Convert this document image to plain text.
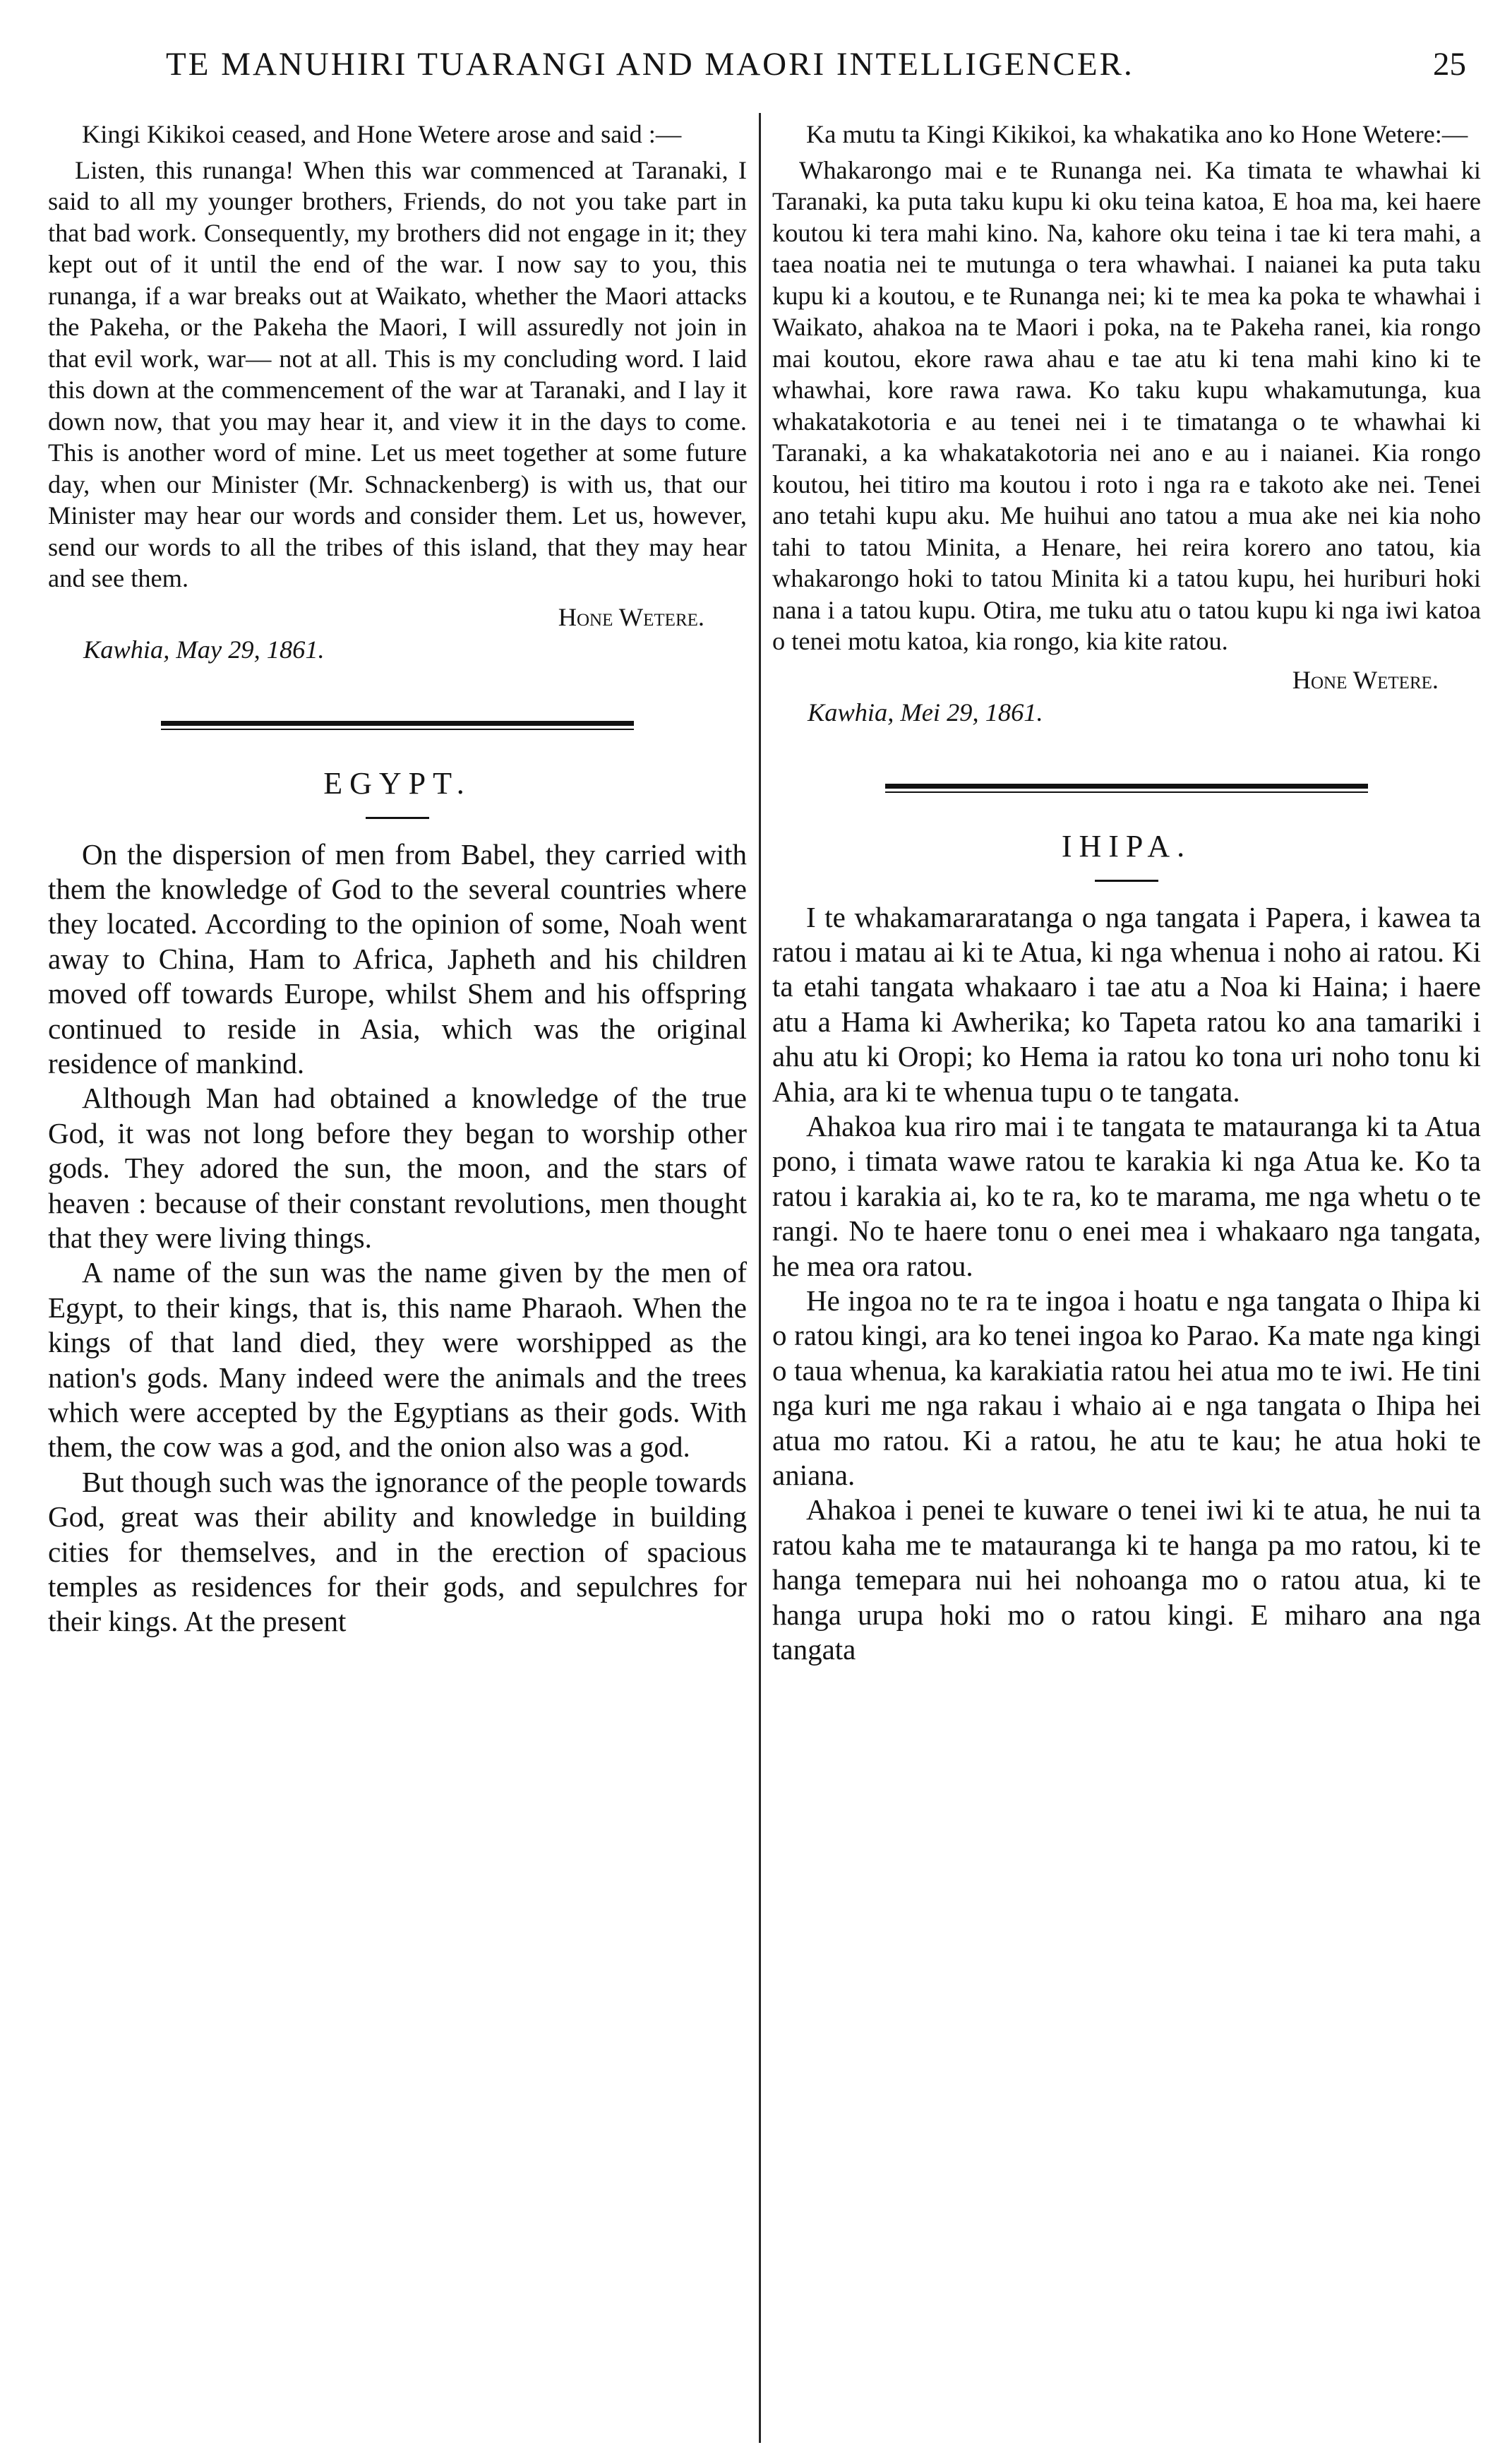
TE MANUHIRI TUARANGI AND MAORI INTELLIGENCER.	25

Kingi Kikikoi ceased, and Hone Wetere arose and said :—

Listen, this runanga! When this war commenced at Taranaki, I said to all my younger brothers, Friends, do not you take part in that bad work. Consequently, my brothers did not engage in it; they kept out of it until the end of the war. I now say to you, this runanga, if a war breaks out at Waikato, whether the Maori attacks the Pakeha, or the Pakeha the Maori, I will assuredly not join in that evil work, war— not at all. This is my concluding word. I laid this down at the commencement of the war at Taranaki, and I lay it down now, that you may hear it, and view it in the days to come. This is another word of mine. Let us meet together at some future day, when our Minister (Mr. Schnackenberg) is with us, that our Minister may hear our words and consider them. Let us, however, send our words to all the tribes of this island, that they may hear and see them.

Hone Wetere.

Kawhia, May 29, 1861.

EGYPT.

On the dispersion of men from Babel, they carried with them the knowledge of God to the several countries where they located. According to the opinion of some, Noah went away to China, Ham to Africa, Japheth and his children moved off towards Europe, whilst Shem and his offspring continued to reside in Asia, which was the original residence of mankind.

Although Man had obtained a knowledge of the true God, it was not long before they began to worship other gods. They adored the sun, the moon, and the stars of heaven : because of their constant revolutions, men thought that they were living things.

A name of the sun was the name given by the men of Egypt, to their kings, that is, this name Pharaoh. When the kings of that land died, they were worshipped as the nation's gods. Many indeed were the animals and the trees which were accepted by the Egyptians as their gods. With them, the cow was a god, and the onion also was a god.

But though such was the ignorance of the people towards God, great was their ability and knowledge in building cities for themselves, and in the erection of spacious temples as residences for their gods, and sepulchres for their kings. At the present

Ka mutu ta Kingi Kikikoi, ka whakatika ano ko Hone Wetere:—

Whakarongo mai e te Runanga nei. Ka timata te whawhai ki Taranaki, ka puta taku kupu ki oku teina katoa, E hoa ma, kei haere koutou ki tera mahi kino. Na, kahore oku teina i tae ki tera mahi, a taea noatia nei te mutunga o tera whawhai. I naianei ka puta taku kupu ki a koutou, e te Runanga nei; ki te mea ka poka te whawhai i Waikato, ahakoa na te Maori i poka, na te Pakeha ranei, kia rongo mai koutou, ekore rawa ahau e tae atu ki tena mahi kino ki te whawhai, kore rawa rawa. Ko taku kupu whakamutunga, kua whakatakotoria e au tenei nei i te timatanga o te whawhai ki Taranaki, a ka whakatakotoria nei ano e au i naianei. Kia rongo koutou, hei titiro ma koutou i roto i nga ra e takoto ake nei. Tenei ano tetahi kupu aku. Me huihui ano tatou a mua ake nei kia noho tahi to tatou Minita, a Henare, hei reira korero ano tatou, kia whakarongo hoki to tatou Minita ki a tatou kupu, hei huriburi hoki nana i a tatou kupu. Otira, me tuku atu o tatou kupu ki nga iwi katoa o tenei motu katoa, kia rongo, kia kite ratou.

Hone Wetere.

Kawhia, Mei 29, 1861.

IHIPA.

I te whakamararatanga o nga tangata i Papera, i kawea ta ratou i matau ai ki te Atua, ki nga whenua i noho ai ratou. Ki ta etahi tangata whakaaro i tae atu a Noa ki Haina; i haere atu a Hama ki Awherika; ko Tapeta ratou ko ana tamariki i ahu atu ki Oropi; ko Hema ia ratou ko tona uri noho tonu ki Ahia, ara ki te whenua tupu o te tangata.

Ahakoa kua riro mai i te tangata te matauranga ki ta Atua pono, i timata wawe ratou te karakia ki nga Atua ke. Ko ta ratou i karakia ai, ko te ra, ko te marama, me nga whetu o te rangi. No te haere tonu o enei mea i whakaaro nga tangata, he mea ora ratou.

He ingoa no te ra te ingoa i hoatu e nga tangata o Ihipa ki o ratou kingi, ara ko tenei ingoa ko Parao. Ka mate nga kingi o taua whenua, ka karakiatia ratou hei atua mo te iwi. He tini nga kuri me nga rakau i whaio ai e nga tangata o Ihipa hei atua mo ratou. Ki a ratou, he atu te kau; he atua hoki te aniana.

Ahakoa i penei te kuware o tenei iwi ki te atua, he nui ta ratou kaha me te matauranga ki te hanga pa mo ratou, ki te hanga temepara nui hei nohoanga mo o ratou atua, ki te hanga urupa hoki mo o ratou kingi. E miharo ana nga tangata
